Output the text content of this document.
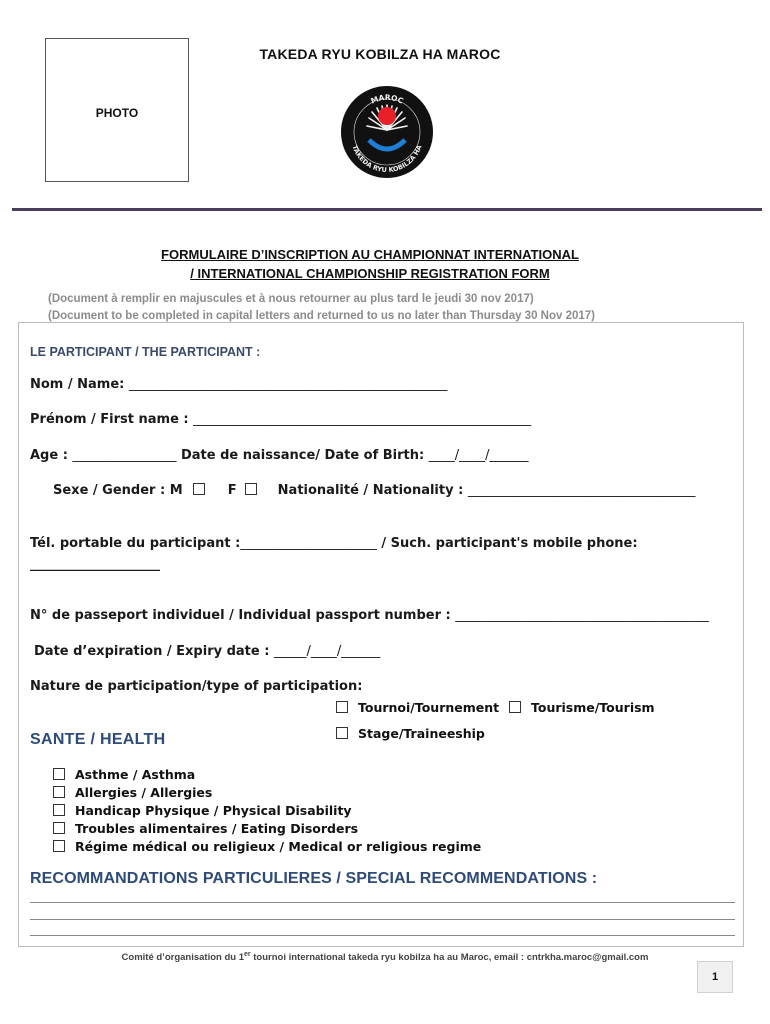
PHOTO
TAKEDA RYU KOBILZA HA MAROC
MAROC
TAKEDA RYU KOBILZA HA
FORMULAIRE D’INSCRIPTION AU CHAMPIONNAT INTERNATIONAL
/ INTERNATIONAL CHAMPIONSHIP REGISTRATION FORM
(Document à remplir en majuscules et à nous retourner au plus tard le jeudi 30 nov 2017)
(Document to be completed in capital letters and returned to us no later than Thursday 30 Nov 2017)
LE PARTICIPANT / THE PARTICIPANT :
Nom / Name: _________________________________________________
Prénom / First name : ____________________________________________________
Age : ________________ Date de naissance/ Date of Birth: ____/____/______
Sexe / Gender : M	F	Nationalité / Nationality : ___________________________________
Tél. portable du participant :_____________________ / Such. participant's mobile phone:
____________________
N° de passeport individuel / Individual passport number : _______________________________________
Date d’expiration / Expiry date : _____/____/______
Nature de participation/type of participation:
Tournoi/Tournement	Tourisme/Tourism
Stage/Traineeship
SANTE / HEALTH
Asthme / Asthma
Allergies / Allergies
Handicap Physique / Physical Disability
Troubles alimentaires / Eating Disorders
Régime médical ou religieux / Medical or religious regime
RECOMMANDATIONS PARTICULIERES / SPECIAL RECOMMENDATIONS :
Comité d’organisation du 1er tournoi international takeda ryu kobilza ha au Maroc, email : cntrkha.maroc@gmail.com
1
